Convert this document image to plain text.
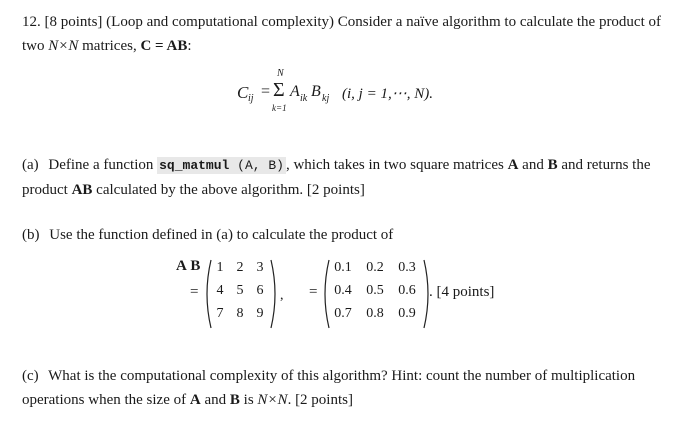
12. [8 points] (Loop and computational complexity) Consider a naïve algorithm to calculate the product of two N×N matrices, C = AB:

C ij =
N
Σ
k=1
A ik B kj (i, j = 1,⋯, N).

(a) Define a function sq_matmul (A, B) , which takes in two square matrices A and B and returns the product AB calculated by the above algorithm. [2 points]

(b) Use the function defined in (a) to calculate the product of

A
=
1 2 3
4 5 6
7 8 9
,
B
=
0.1	0.2	0.3
0.4	0.5	0.6
0.7	0.8	0.9
. [4 points]

(c) What is the computational complexity of this algorithm? Hint: count the number of multiplication operations when the size of A and B is N×N. [2 points]
